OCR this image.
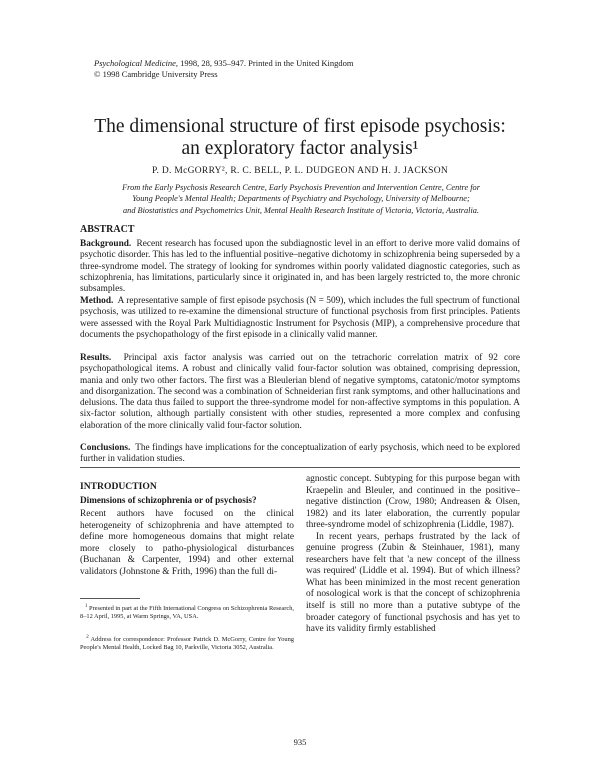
Psychological Medicine, 1998, 28, 935–947. Printed in the United Kingdom
© 1998 Cambridge University Press
The dimensional structure of first episode psychosis:
an exploratory factor analysis¹
P. D. McGORRY², R. C. BELL, P. L. DUDGEON AND H. J. JACKSON
From the Early Psychosis Research Centre, Early Psychosis Prevention and Intervention Centre, Centre for
Young People's Mental Health; Departments of Psychiatry and Psychology, University of Melbourne;
and Biostatistics and Psychometrics Unit, Mental Health Research Institute of Victoria, Victoria, Australia.
ABSTRACT
Background. Recent research has focused upon the subdiagnostic level in an effort to derive more valid domains of psychotic disorder. This has led to the influential positive–negative dichotomy in schizophrenia being superseded by a three-syndrome model. The strategy of looking for syndromes within poorly validated diagnostic categories, such as schizophrenia, has limitations, particularly since it originated in, and has been largely restricted to, the more chronic subsamples.
Method. A representative sample of first episode psychosis (N = 509), which includes the full spectrum of functional psychosis, was utilized to re-examine the dimensional structure of functional psychosis from first principles. Patients were assessed with the Royal Park Multidiagnostic Instrument for Psychosis (MIP), a comprehensive procedure that documents the psychopathology of the first episode in a clinically valid manner.
Results. Principal axis factor analysis was carried out on the tetrachoric correlation matrix of 92 core psychopathological items. A robust and clinically valid four-factor solution was obtained, comprising depression, mania and only two other factors. The first was a Bleulerian blend of negative symptoms, catatonic/motor symptoms and disorganization. The second was a combination of Schneiderian first rank symptoms, and other hallucinations and delusions. The data thus failed to support the three-syndrome model for non-affective symptoms in this population. A six-factor solution, although partially consistent with other studies, represented a more complex and confusing elaboration of the more clinically valid four-factor solution.
Conclusions. The findings have implications for the conceptualization of early psychosis, which need to be explored further in validation studies.
INTRODUCTION
Dimensions of schizophrenia or of psychosis?

Recent authors have focused on the clinical heterogeneity of schizophrenia and have attempted to define more homogeneous domains that might relate more closely to patho-physiological disturbances (Buchanan & Carpenter, 1994) and other external validators (Johnstone & Frith, 1996) than the full di-

agnostic concept. Subtyping for this purpose began with Kraepelin and Bleuler, and continued in the positive–negative distinction (Crow, 1980; Andreasen & Olsen, 1982) and its later elaboration, the currently popular three-syndrome model of schizophrenia (Liddle, 1987).

In recent years, perhaps frustrated by the lack of genuine progress (Zubin & Steinhauer, 1981), many researchers have felt that 'a new concept of the illness was required' (Liddle et al. 1994). But of which illness? What has been minimized in the most recent generation of nosological work is that the concept of schizophrenia itself is still no more than a putative subtype of the broader category of functional psychosis and has yet to have its validity firmly established

$^1$ Presented in part at the Fifth International Congress on Schizophrenia Research, 8–12 April, 1995, at Warm Springs, VA, USA.
$^2$ Address for correspondence: Professor Patrick D. McGorry, Centre for Young People's Mental Health, Locked Bag 10, Parkville, Victoria 3052, Australia.
935
